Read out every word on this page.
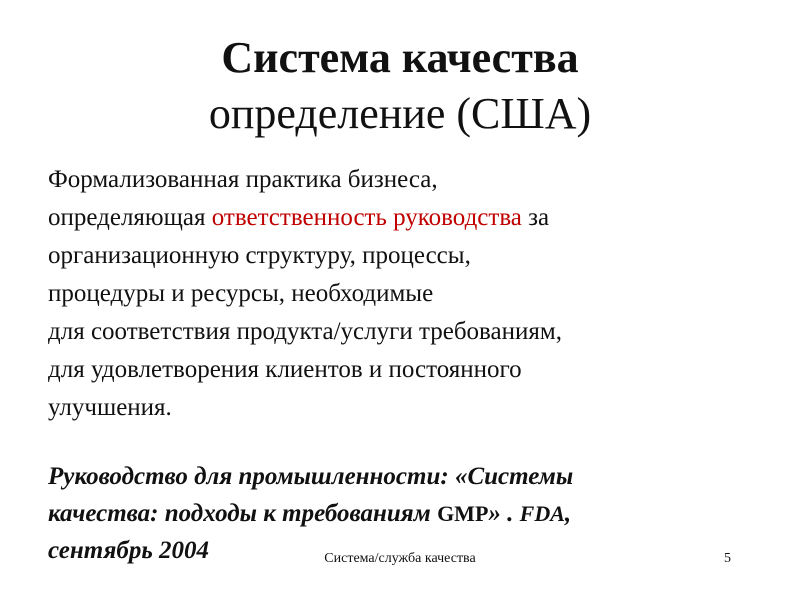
Система качества
определение (США)
Формализованная практика бизнеса,
определяющая ответственность руководства за
организационную структуру, процессы,
процедуры и ресурсы, необходимые
для соответствия продукта/услуги требованиям,
для удовлетворения клиентов и постоянного
улучшения.
Руководство для промышленности: «Системы
качества: подходы к требованиям GMP» . FDA,
сентябрь 2004	Система/служба качества	5
